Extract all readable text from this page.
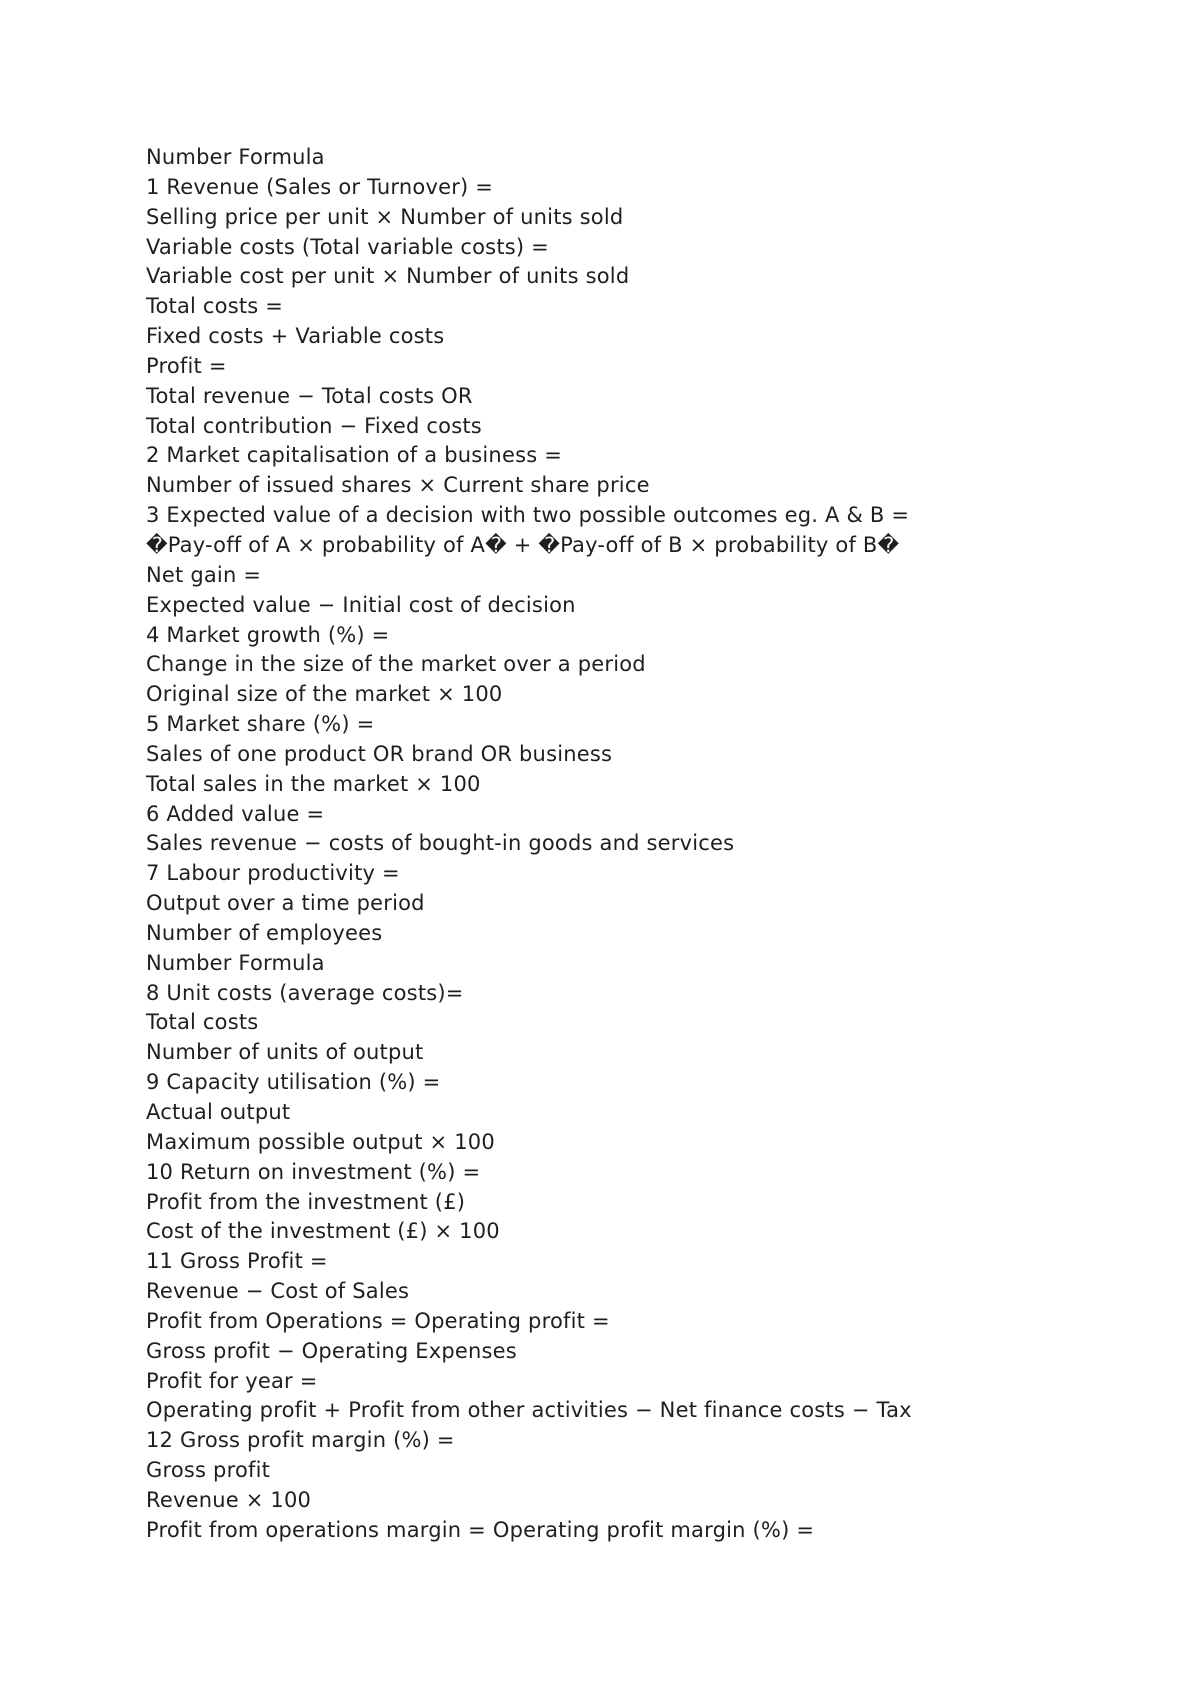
Number Formula
1 Revenue (Sales or Turnover) =
Selling price per unit × Number of units sold
Variable costs (Total variable costs) =
Variable cost per unit × Number of units sold
Total costs =
Fixed costs + Variable costs
Profit =
Total revenue − Total costs OR
Total contribution − Fixed costs
2 Market capitalisation of a business =
Number of issued shares × Current share price
3 Expected value of a decision with two possible outcomes eg. A & B =
�Pay-off of A × probability of A� + �Pay-off of B × probability of B�
Net gain =
Expected value − Initial cost of decision
4 Market growth (%) =
Change in the size of the market over a period
Original size of the market × 100
5 Market share (%) =
Sales of one product OR brand OR business
Total sales in the market × 100
6 Added value =
Sales revenue − costs of bought-in goods and services
7 Labour productivity =
Output over a time period
Number of employees
Number Formula
8 Unit costs (average costs)=
Total costs
Number of units of output
9 Capacity utilisation (%) =
Actual output
Maximum possible output × 100
10 Return on investment (%) =
Profit from the investment (£)
Cost of the investment (£) × 100
11 Gross Profit =
Revenue − Cost of Sales
Profit from Operations = Operating profit =
Gross profit − Operating Expenses
Profit for year =
Operating profit + Profit from other activities − Net finance costs − Tax
12 Gross profit margin (%) =
Gross profit
Revenue × 100
Profit from operations margin = Operating profit margin (%) =
